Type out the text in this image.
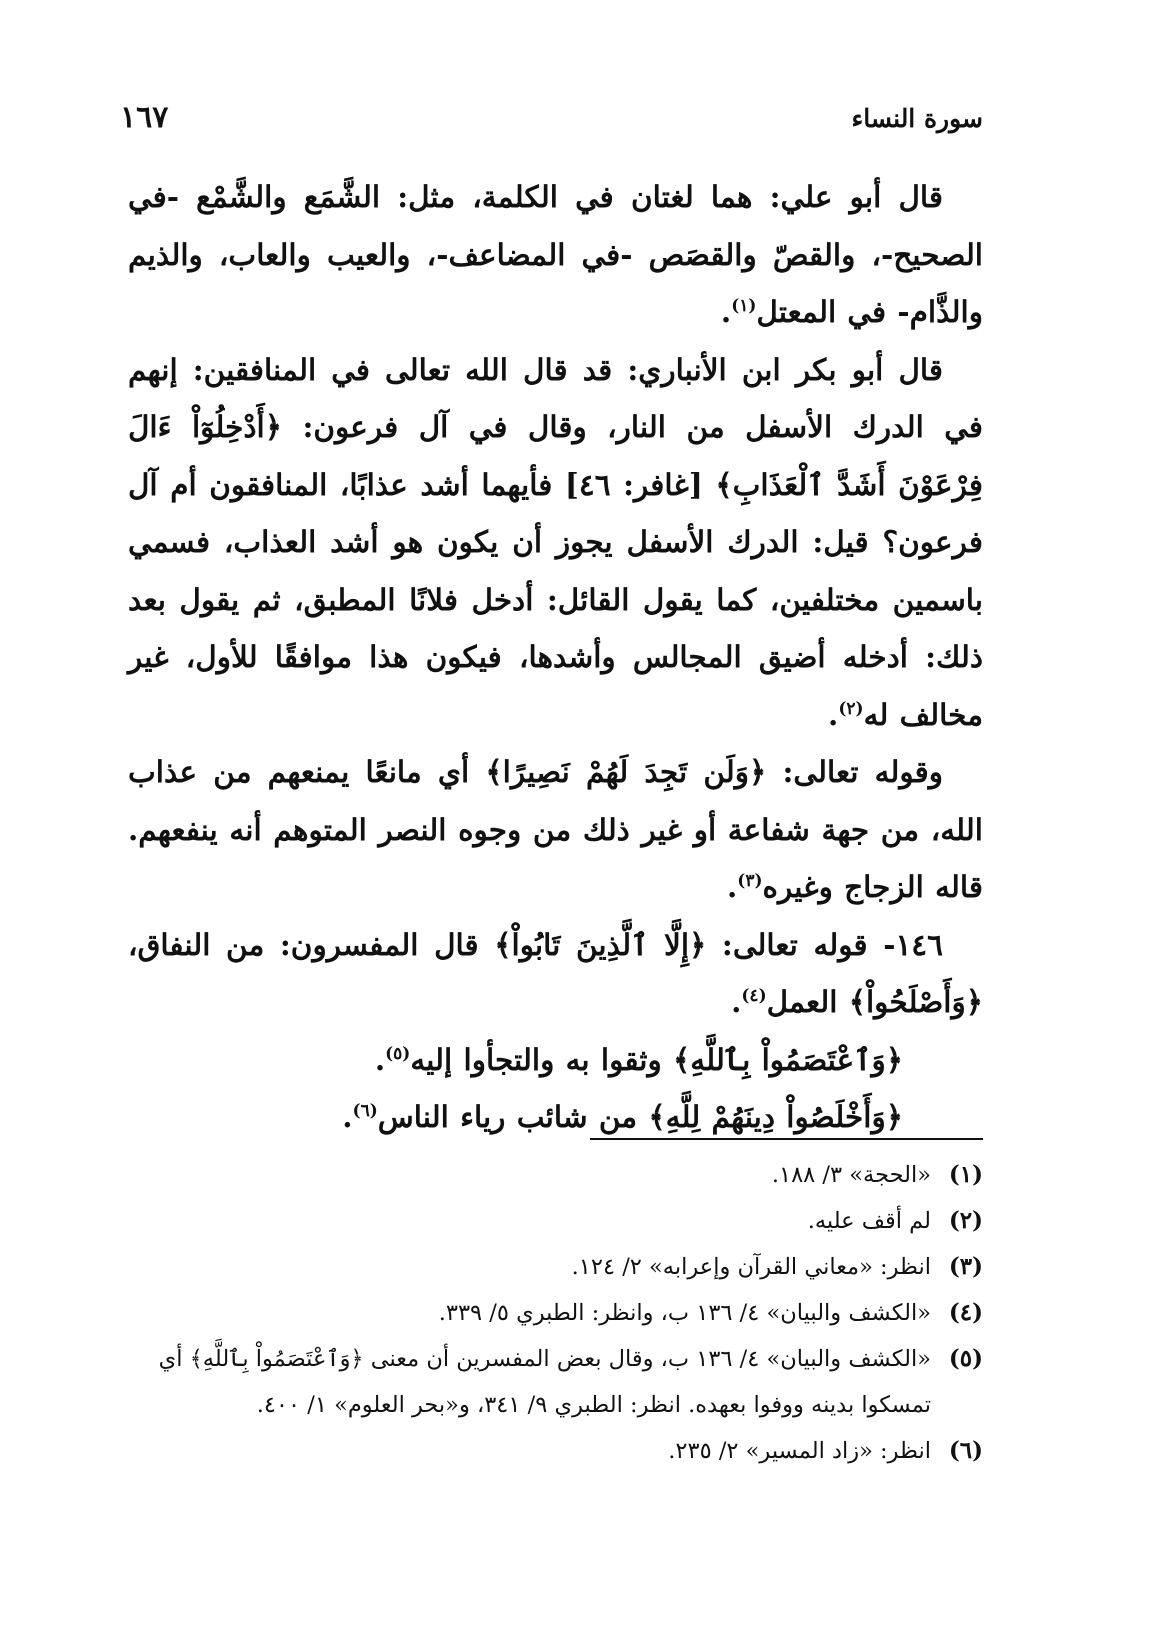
١٦٧	سورة النساء

قال أبو علي: هما لغتان في الكلمة، مثل: الشَّمَع والشَّمْع -في الصحيح-، والقصّ والقصَص -في المضاعف-، والعيب والعاب، والذيم والذَّام- في المعتل$^{(١)}$.

قال أبو بكر ابن الأنباري: قد قال الله تعالى في المنافقين: إنهم في الدرك الأسفل من النار، وقال في آل فرعون: ﴿أَدْخِلُوٓاْ ءَالَ فِرْعَوْنَ أَشَدَّ ٱلْعَذَابِ﴾ [غافر: ٤٦] فأيهما أشد عذابًا، المنافقون أم آل فرعون؟ قيل: الدرك الأسفل يجوز أن يكون هو أشد العذاب، فسمي باسمين مختلفين، كما يقول القائل: أدخل فلانًا المطبق، ثم يقول بعد ذلك: أدخله أضيق المجالس وأشدها، فيكون هذا موافقًا للأول، غير مخالف له$^{(٢)}$.

وقوله تعالى: ﴿وَلَن تَجِدَ لَهُمْ نَصِيرًا﴾ أي مانعًا يمنعهم من عذاب الله، من جهة شفاعة أو غير ذلك من وجوه النصر المتوهم أنه ينفعهم. قاله الزجاج وغيره$^{(٣)}$.

١٤٦- قوله تعالى: ﴿إِلَّا ٱلَّذِينَ تَابُواْ﴾ قال المفسرون: من النفاق، ﴿وَأَصْلَحُواْ﴾ العمل$^{(٤)}$.

﴿وَٱعْتَصَمُواْ بِٱللَّهِ﴾ وثقوا به والتجأوا إليه$^{(٥)}$.

﴿وَأَخْلَصُواْ دِينَهُمْ لِلَّهِ﴾ من شائب رياء الناس$^{(٦)}$.

(١)
«الحجة» ٣/ ١٨٨.

(٢)
لم أقف عليه.

(٣)
انظر: «معاني القرآن وإعرابه» ٢/ ١٢٤.

(٤)
«الكشف والبيان» ٤/ ١٣٦ ب، وانظر: الطبري ٥/ ٣٣٩.

(٥)
«الكشف والبيان» ٤/ ١٣٦ ب، وقال بعض المفسرين أن معنى ﴿وَٱعْتَصَمُواْ بِٱللَّهِ﴾ أي تمسكوا بدينه ووفوا بعهده. انظر: الطبري ٩/ ٣٤١، و«بحر العلوم» ١/ ٤٠٠.

(٦)
انظر: «زاد المسير» ٢/ ٢٣٥.
